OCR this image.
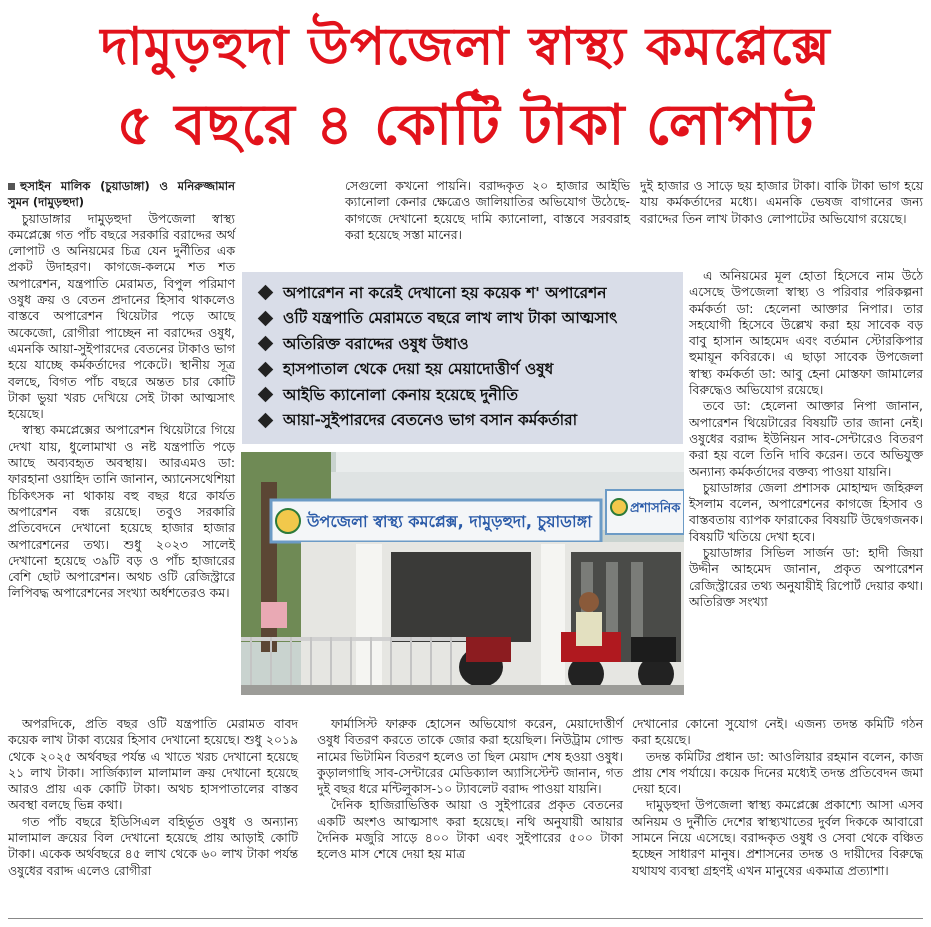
দামুড়হুদা উপজেলা স্বাস্থ্য কমপ্লেক্সে
৫ বছরে ৪ কোটি টাকা লোপাট

হুসাইন মালিক (চুয়াডাঙ্গা) ও মনিরুজ্জামান সুমন (দামুড়হুদা)

চুয়াডাঙ্গার দামুড়হুদা উপজেলা স্বাস্থ্য কমপ্লেক্সে গত পাঁচ বছরে সরকারি বরাদ্দের অর্থ লোপাট ও অনিয়মের চিত্র যেন দুর্নীতির এক প্রকট উদাহরণ। কাগজে-কলমে শত শত অপারেশন, যন্ত্রপাতি মেরামত, বিপুল পরিমাণ ওষুধ ক্রয় ও বেতন প্রদানের হিসাব থাকলেও বাস্তবে অপারেশন থিয়েটার পড়ে আছে অকেজো, রোগীরা পাচ্ছেন না বরাদ্দের ওষুধ, এমনকি আয়া-সুইপারদের বেতনের টাকাও ভাগ হয়ে যাচ্ছে কর্মকর্তাদের পকেটে। স্থানীয় সূত্র বলছে, বিগত পাঁচ বছরে অন্তত চার কোটি টাকা ভুয়া খরচ দেখিয়ে সেই টাকা আত্মসাৎ হয়েছে।

স্বাস্থ্য কমপ্লেক্সের অপারেশন থিয়েটারে গিয়ে দেখা যায়, ধুলোমাখা ও নষ্ট যন্ত্রপাতি পড়ে আছে অব্যবহৃত অবস্থায়। আরএমও ডা: ফারহানা ওয়াহিদ তানি জানান, অ্যানেসথেশিয়া চিকিৎসক না থাকায় বহু বছর ধরে কার্যত অপারেশন বন্ধ রয়েছে। তবুও সরকারি প্রতিবেদনে দেখানো হয়েছে হাজার হাজার অপারেশনের তথ্য। শুধু ২০২৩ সালেই দেখানো হয়েছে ৩৯টি বড় ও পাঁচ হাজারের বেশি ছোট অপারেশন। অথচ ওটি রেজিস্ট্রারে লিপিবদ্ধ অপারেশনের সংখ্যা অর্ধশতেরও কম।

সেগুলো কখনো পায়নি। বরাদ্দকৃত ২০ হাজার আইভি ক্যানোলা কেনার ক্ষেত্রেও জালিয়াতির অভিযোগ উঠেছে- কাগজে দেখানো হয়েছে দামি ক্যানোলা, বাস্তবে সরবরাহ করা হয়েছে সস্তা মানের।

দুই হাজার ও সাড়ে ছয় হাজার টাকা। বাকি টাকা ভাগ হয়ে যায় কর্মকর্তাদের মধ্যে। এমনকি ভেষজ বাগানের জন্য বরাদ্দের তিন লাখ টাকাও লোপাটের অভিযোগ রয়েছে।

এ অনিয়মের মূল হোতা হিসেবে নাম উঠে এসেছে উপজেলা স্বাস্থ্য ও পরিবার পরিকল্পনা কর্মকর্তা ডা: হেলেনা আক্তার নিপার। তার সহযোগী হিসেবে উল্লেখ করা হয় সাবেক বড় বাবু হাসান আহমেদ এবং বর্তমান স্টোরকিপার হুমায়ূন কবিরকে। এ ছাড়া সাবেক উপজেলা স্বাস্থ্য কর্মকর্তা ডা: আবু হেনা মোস্তফা জামালের বিরুদ্ধেও অভিযোগ রয়েছে।

তবে ডা: হেলেনা আক্তার নিপা জানান, অপারেশন থিয়েটারের বিষয়টি তার জানা নেই। ওষুধের বরাদ্দ ইউনিয়ন সাব-সেন্টারেও বিতরণ করা হয় বলে তিনি দাবি করেন। তবে অভিযুক্ত অন্যান্য কর্মকর্তাদের বক্তব্য পাওয়া যায়নি।

চুয়াডাঙ্গার জেলা প্রশাসক মোহাম্মদ জহিরুল ইসলাম বলেন, অপারেশনের কাগজে হিসাব ও বাস্তবতায় ব্যাপক ফারাকের বিষয়টি উদ্বেগজনক। বিষয়টি খতিয়ে দেখা হবে।

চুয়াডাঙ্গার সিভিল সার্জন ডা: হাদী জিয়া উদ্দীন আহমেদ জানান, প্রকৃত অপারেশন রেজিস্ট্রারের তথ্য অনুযায়ীই রিপোর্ট দেয়ার কথা। অতিরিক্ত সংখ্যা

অপারেশন না করেই দেখানো হয় কয়েক শ' অপারেশন
ওটি যন্ত্রপাতি মেরামতে বছরে লাখ লাখ টাকা আত্মসাৎ
অতিরিক্ত বরাদ্দের ওষুধ উধাও
হাসপাতাল থেকে দেয়া হয় মেয়াদোত্তীর্ণ ওষুধ
আইভি ক্যানোলা কেনায় হয়েছে দুনীতি
আয়া-সুইপারদের বেতনেও ভাগ বসান কর্মকর্তারা
উপজেলা স্বাস্থ্য কমপ্লেক্স, দামুড়হুদা, চুয়াডাঙ্গা
প্রশাসনিক

অপরদিকে, প্রতি বছর ওটি যন্ত্রপাতি মেরামত বাবদ কয়েক লাখ টাকা ব্যয়ের হিসাব দেখানো হয়েছে। শুধু ২০১৯ থেকে ২০২৫ অর্থবছর পর্যন্ত এ খাতে খরচ দেখানো হয়েছে ২১ লাখ টাকা। সার্জিক্যাল মালামাল ক্রয় দেখানো হয়েছে আরও প্রায় এক কোটি টাকা। অথচ হাসপাতালের বাস্তব অবস্থা বলছে ভিন্ন কথা।

গত পাঁচ বছরে ইডিসিএল বহির্ভূত ওষুধ ও অন্যান্য মালামাল ক্রয়ের বিল দেখানো হয়েছে প্রায় আড়াই কোটি টাকা। একেক অর্থবছরে ৪৫ লাখ থেকে ৬০ লাখ টাকা পর্যন্ত ওষুধের বরাদ্দ এলেও রোগীরা

ফার্মাসিস্ট ফারুক হোসেন অভিযোগ করেন, মেয়াদোত্তীর্ণ ওষুধ বিতরণ করতে তাকে জোর করা হয়েছিল। নিউট্রাম গোল্ড নামের ভিটামিন বিতরণ হলেও তা ছিল মেয়াদ শেষ হওয়া ওষুধ। কুড়ালগাছি সাব-সেন্টারের মেডিক্যাল অ্যাসিস্টেন্ট জানান, গত দুই বছর ধরে মন্টিলুকাস-১০ ট্যাবলেট বরাদ্দ পাওয়া যায়নি।

দৈনিক হাজিরাভিত্তিক আয়া ও সুইপারের প্রকৃত বেতনের একটি অংশও আত্মসাৎ করা হয়েছে। নথি অনুযায়ী আয়ার দৈনিক মজুরি সাড়ে ৪০০ টাকা এবং সুইপারের ৫০০ টাকা হলেও মাস শেষে দেয়া হয় মাত্র

দেখানোর কোনো সুযোগ নেই। এজন্য তদন্ত কমিটি গঠন করা হয়েছে।

তদন্ত কমিটির প্রধান ডা: আওলিয়ার রহমান বলেন, কাজ প্রায় শেষ পর্যায়ে। কয়েক দিনের মধ্যেই তদন্ত প্রতিবেদন জমা দেয়া হবে।

দামুড়হুদা উপজেলা স্বাস্থ্য কমপ্লেক্সে প্রকাশ্যে আসা এসব অনিয়ম ও দুর্নীতি দেশের স্বাস্থ্যখাতের দুর্বল দিককে আবারো সামনে নিয়ে এসেছে। বরাদ্দকৃত ওষুধ ও সেবা থেকে বঞ্চিত হচ্ছেন সাধারণ মানুষ। প্রশাসনের তদন্ত ও দায়ীদের বিরুদ্ধে যথাযথ ব্যবস্থা গ্রহণই এখন মানুষের একমাত্র প্রত্যাশা।
